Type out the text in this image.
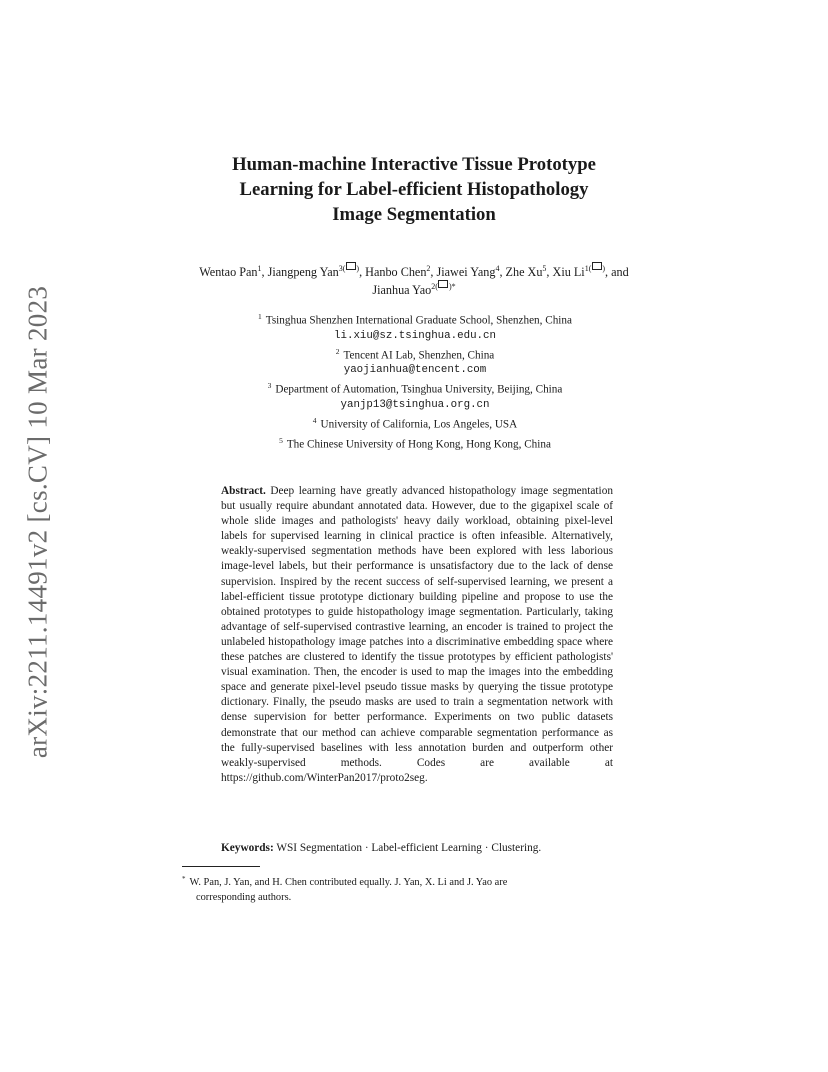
arXiv:2211.14491v2 [cs.CV] 10 Mar 2023
Human-machine Interactive Tissue Prototype
Learning for Label-efficient Histopathology
Image Segmentation
Wentao Pan$^1$, Jiangpeng Yan$^{3( )}$, Hanbo Chen$^2$, Jiawei Yang$^4$, Zhe Xu$^5$, Xiu $Li^{1( )}$, and Jianhua Yao$^{2( )*}$
$^1$ Tsinghua Shenzhen International Graduate School, Shenzhen, China
li.xiu@sz.tsinghua.edu.cn
$^2$ Tencent AI Lab, Shenzhen, China
yaojianhua@tencent.com
$^3$ Department of Automation, Tsinghua University, Beijing, China
yanjp13@tsinghua.org.cn
$^4$ University of California, Los Angeles, USA
$^5$ The Chinese University of Hong Kong, Hong Kong, China
Abstract. Deep learning have greatly advanced histopathology image segmentation but usually require abundant annotated data. However, due to the gigapixel scale of whole slide images and pathologists' heavy daily workload, obtaining pixel-level labels for supervised learning in clinical practice is often infeasible. Alternatively, weakly-supervised segmentation methods have been explored with less laborious image-level labels, but their performance is unsatisfactory due to the lack of dense supervision. Inspired by the recent success of self-supervised learning, we present a label-efficient tissue prototype dictionary building pipeline and propose to use the obtained prototypes to guide histopathology image segmentation. Particularly, taking advantage of self-supervised contrastive learning, an encoder is trained to project the unlabeled histopathology image patches into a discriminative embedding space where these patches are clustered to identify the tissue prototypes by efficient pathologists' visual examination. Then, the encoder is used to map the images into the embedding space and generate pixel-level pseudo tissue masks by querying the tissue prototype dictionary. Finally, the pseudo masks are used to train a segmentation network with dense supervision for better performance. Experiments on two public datasets demonstrate that our method can achieve comparable segmentation performance as the fully-supervised baselines with less annotation burden and outperform other weakly-supervised methods. Codes are available at https://github.com/WinterPan2017/proto2seg.
Keywords: WSI Segmentation · Label-efficient Learning · Clustering.
* W. Pan, J. Yan, and H. Chen contributed equally. J. Yan, X. Li and J. Yao are
corresponding authors.
